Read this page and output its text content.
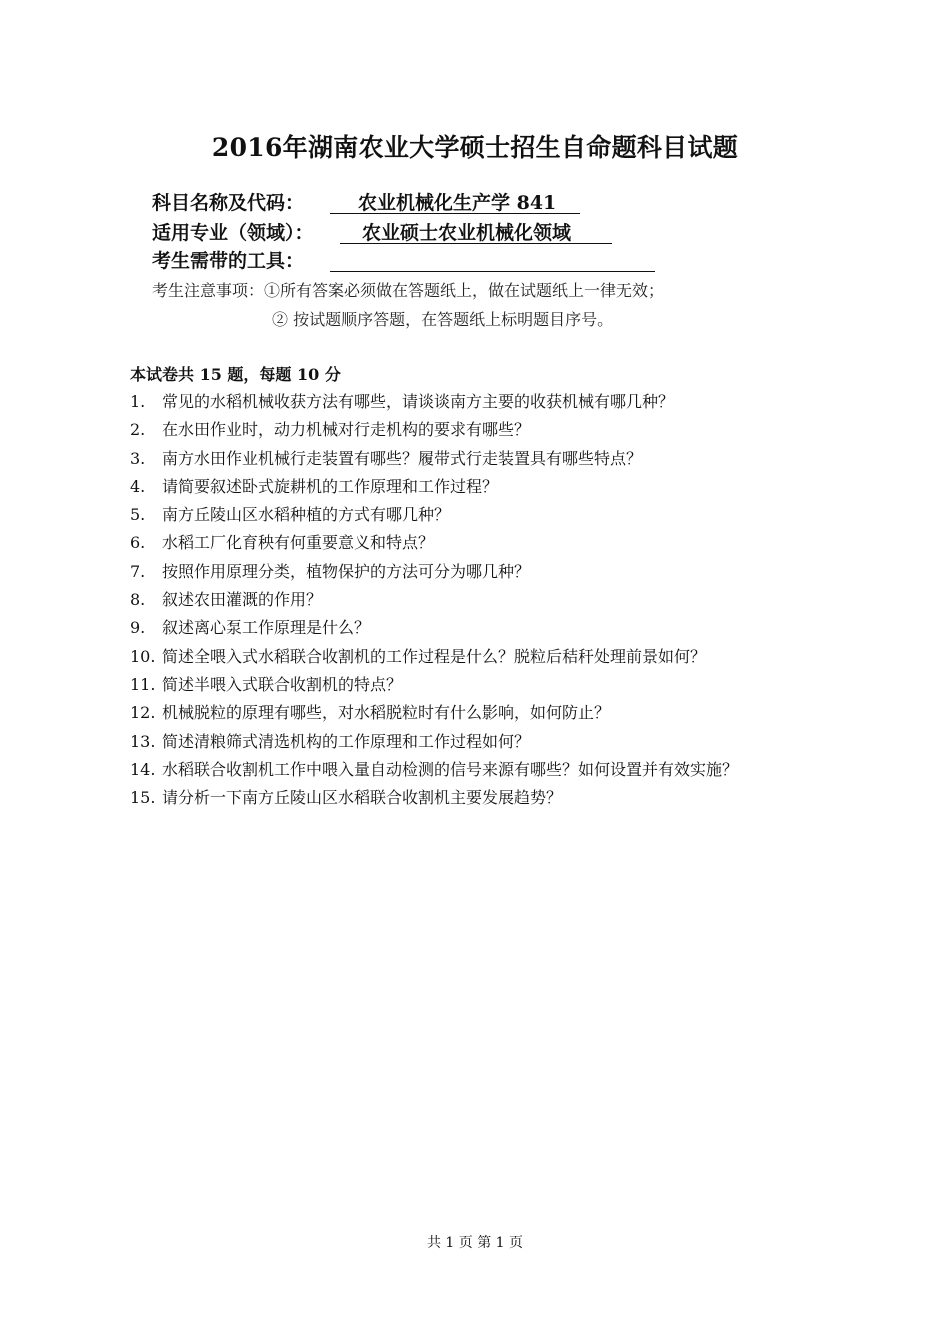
2016年湖南农业大学硕士招生自命题科目试题
科目名称及代码：	农业机械化生产学 841
适用专业（领域）：	农业硕士农业机械化领域
考生需带的工具：
考生注意事项：①所有答案必须做在答题纸上，做在试题纸上一律无效；
② 按试题顺序答题，在答题纸上标明题目序号。
本试卷共 15 题，每题 10 分
1. 常见的水稻机械收获方法有哪些，请谈谈南方主要的收获机械有哪几种？
2. 在水田作业时，动力机械对行走机构的要求有哪些？
3. 南方水田作业机械行走装置有哪些？履带式行走装置具有哪些特点？
4. 请简要叙述卧式旋耕机的工作原理和工作过程？
5. 南方丘陵山区水稻种植的方式有哪几种？
6. 水稻工厂化育秧有何重要意义和特点？
7. 按照作用原理分类，植物保护的方法可分为哪几种？
8. 叙述农田灌溉的作用？
9. 叙述离心泵工作原理是什么？
10. 简述全喂入式水稻联合收割机的工作过程是什么？脱粒后秸秆处理前景如何？
11. 简述半喂入式联合收割机的特点？
12. 机械脱粒的原理有哪些，对水稻脱粒时有什么影响，如何防止？
13. 简述清粮筛式清选机构的工作原理和工作过程如何？
14. 水稻联合收割机工作中喂入量自动检测的信号来源有哪些？如何设置并有效实施？
15. 请分析一下南方丘陵山区水稻联合收割机主要发展趋势？
共 1 页 第 1 页
